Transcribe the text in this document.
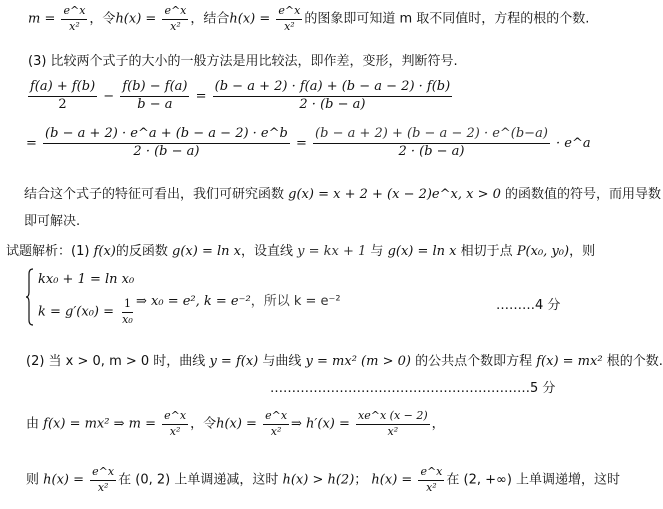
$m = \frac{e\^{}x}{\text{x²}}$ ，令$h(x) = \frac{e\^{}x}{\text{x²}}$ ，结合$h(x) = \frac{e\^{}x}{\text{x²}}$ 的图象即可知道 m 取不同值时，方程的根的个数.
(3) 比较两个式子的大小的一般方法是用比较法，即作差，变形，判断符号.
$\frac{f(a) + f(b)}{2} - \frac{f(b) - f(a)}{b - a} = \frac{(b - a + 2) \cdot f(a) + (b - a - 2) \cdot f(b)}{2 \cdot (b - a)}$
= $\frac{(b - a + 2) \cdot e\^{}a + (b - a - 2) \cdot e\^{}b}{2 \cdot (b - a)} = \frac{(b - a + 2) + (b - a - 2) \cdot e\^{}(b-a)}{2 \cdot (b - a)}$ · e^a
结合这个式子的特征可看出，我们可研究函数 g(x) = x + 2 + (x − 2)e^x, x > 0 的函数值的符号，而用导数
即可解决.
试题解析：(1) f(x)的反函数 g(x) = ln x，设直线 y = kx + 1 与 g(x) = ln x 相切于点 P(x₀, y₀)，则
kx₀ + 1 = ln x₀
$k = g'(x_0) = \frac{1}{\text{x₀}}$ ⇒ x₀ = e², k = e⁻²，所以 k = e⁻²	………4 分
(2) 当 x > 0, m > 0 时，曲线 y = f(x) 与曲线 y = mx² (m > 0) 的公共点个数即方程 f(x) = mx² 根的个数.
……………………………………………………5 分
由 f(x) = mx² ⇒ $m = \frac{e\^{}x}{\text{x²}}$ ，令$h(x) = \frac{e\^{}x}{\text{x²}}$ ⇒ $h'(x) = \frac{xe\^{}x (x - 2)}{\text{x²}}$ ，
则 $h(x) = \frac{e\^{}x}{\text{x²}}$ 在 (0, 2) 上单调递减，这时 h(x) > h(2)； $h(x) = \frac{e\^{}x}{\text{x²}}$ 在 (2, +∞) 上单调递增，这时
